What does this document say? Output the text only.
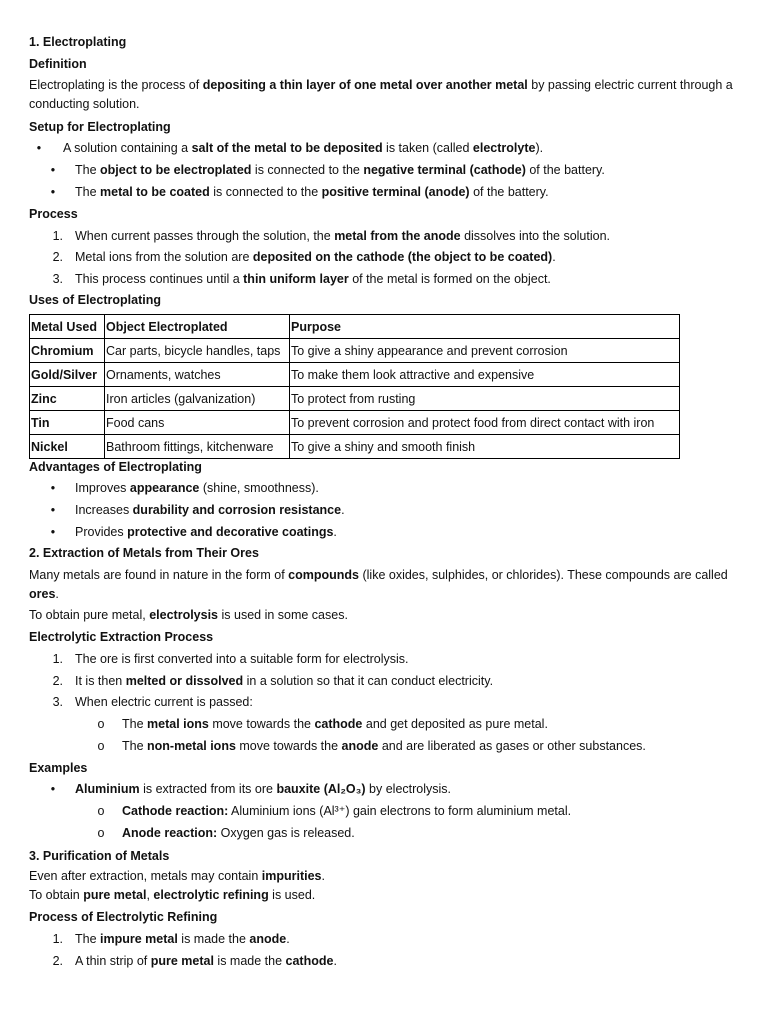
1. Electroplating
Definition
Electroplating is the process of depositing a thin layer of one metal over another metal by passing electric current through a conducting solution.
Setup for Electroplating
•	A solution containing a salt of the metal to be deposited is taken (called electrolyte).
•	The object to be electroplated is connected to the negative terminal (cathode) of the battery.
•	The metal to be coated is connected to the positive terminal (anode) of the battery.
Process
1. When current passes through the solution, the metal from the anode dissolves into the solution.
2. Metal ions from the solution are deposited on the cathode (the object to be coated).
3. This process continues until a thin uniform layer of the metal is formed on the object.
Uses of Electroplating
Metal Used	Object Electroplated	Purpose
Chromium	Car parts, bicycle handles, taps	To give a shiny appearance and prevent corrosion
Gold/Silver	Ornaments, watches	To make them look attractive and expensive
Zinc	Iron articles (galvanization)	To protect from rusting
Tin	Food cans	To prevent corrosion and protect food from direct contact with iron
Nickel	Bathroom fittings, kitchenware	To give a shiny and smooth finish
Advantages of Electroplating
•	Improves appearance (shine, smoothness).
•	Increases durability and corrosion resistance.
•	Provides protective and decorative coatings.
2. Extraction of Metals from Their Ores
Many metals are found in nature in the form of compounds (like oxides, sulphides, or chlorides). These compounds are called ores.
To obtain pure metal, electrolysis is used in some cases.
Electrolytic Extraction Process
1. The ore is first converted into a suitable form for electrolysis.
2. It is then melted or dissolved in a solution so that it can conduct electricity.
3. When electric current is passed:
o The metal ions move towards the cathode and get deposited as pure metal.
o The non-metal ions move towards the anode and are liberated as gases or other substances.
Examples
•	Aluminium is extracted from its ore bauxite (Al₂O₃) by electrolysis.
o Cathode reaction: Aluminium ions (Al³⁺) gain electrons to form aluminium metal.
o Anode reaction: Oxygen gas is released.
3. Purification of Metals
Even after extraction, metals may contain impurities.
To obtain pure metal, electrolytic refining is used.
Process of Electrolytic Refining
1. The impure metal is made the anode.
2. A thin strip of pure metal is made the cathode.
